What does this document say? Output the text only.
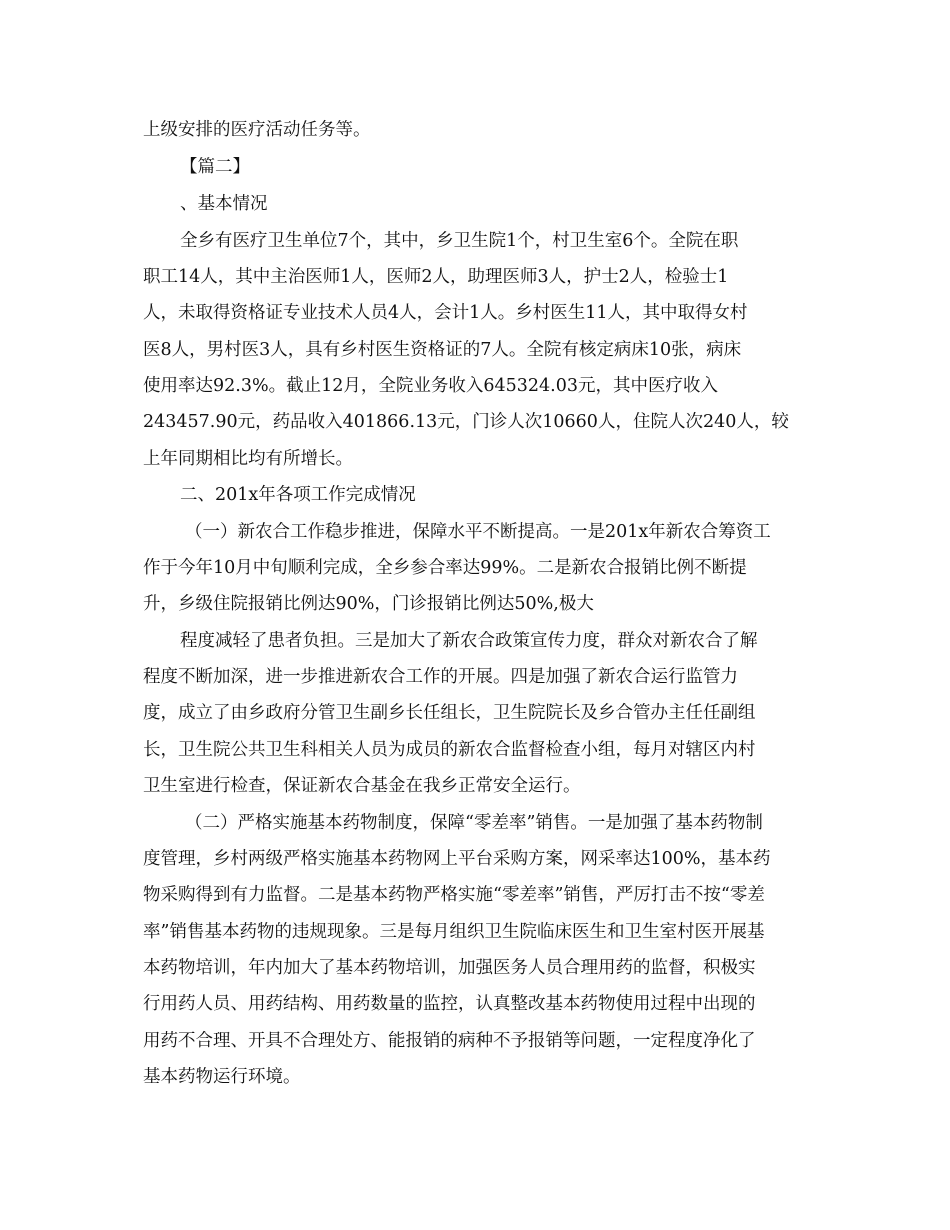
上级安排的医疗活动任务等。
【篇二】
、基本情况
全乡有医疗卫生单位7个，其中，乡卫生院1个，村卫生室6个。全院在职
职工14人，其中主治医师1人，医师2人，助理医师3人，护士2人，检验士1
人，未取得资格证专业技术人员4人，会计1人。乡村医生11人，其中取得女村
医8人，男村医3人，具有乡村医生资格证的7人。全院有核定病床10张，病床
使用率达92.3%。截止12月，全院业务收入645324.03元，其中医疗收入
243457.90元，药品收入401866.13元，门诊人次10660人，住院人次240人，较
上年同期相比均有所增长。
二、201x年各项工作完成情况
（一）新农合工作稳步推进，保障水平不断提高。一是201x年新农合筹资工
作于今年10月中旬顺利完成，全乡参合率达99%。二是新农合报销比例不断提
升，乡级住院报销比例达90%，门诊报销比例达50%,极大
程度减轻了患者负担。三是加大了新农合政策宣传力度，群众对新农合了解
程度不断加深，进一步推进新农合工作的开展。四是加强了新农合运行监管力
度，成立了由乡政府分管卫生副乡长任组长，卫生院院长及乡合管办主任任副组
长，卫生院公共卫生科相关人员为成员的新农合监督检查小组，每月对辖区内村
卫生室进行检查，保证新农合基金在我乡正常安全运行。
（二）严格实施基本药物制度，保障“零差率”销售。一是加强了基本药物制
度管理，乡村两级严格实施基本药物网上平台采购方案，网采率达100%，基本药
物采购得到有力监督。二是基本药物严格实施“零差率”销售，严厉打击不按“零差
率”销售基本药物的违规现象。三是每月组织卫生院临床医生和卫生室村医开展基
本药物培训，年内加大了基本药物培训，加强医务人员合理用药的监督，积极实
行用药人员、用药结构、用药数量的监控，认真整改基本药物使用过程中出现的
用药不合理、开具不合理处方、能报销的病种不予报销等问题，一定程度净化了
基本药物运行环境。
